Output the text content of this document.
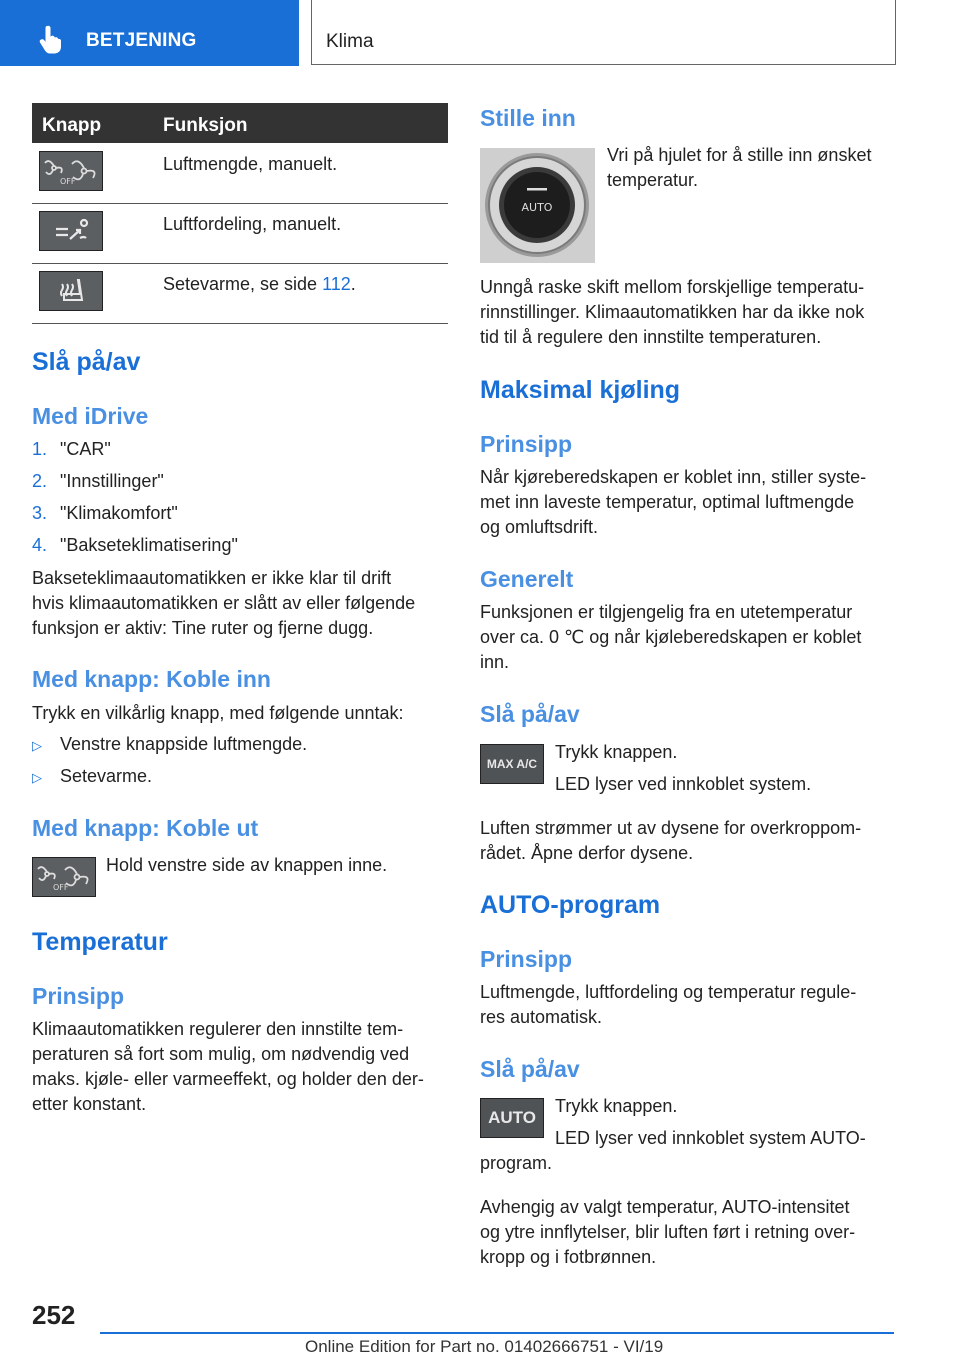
BETJENING	Klima
Knapp	Funksjon
OFF
Luftmengde, manuelt.
Luftfordeling, manuelt.
Setevarme, se side 112.
Slå på/av
Med iDrive
1. "CAR"
2. "Innstillinger"
3. "Klimakomfort"
4. "Bakseteklimatisering"
Bakseteklimaautomatikken er ikke klar til drift
hvis klimaautomatikken er slått av eller følgende
funksjon er aktiv: Tine ruter og fjerne dugg.
Med knapp: Koble inn
Trykk en vilkårlig knapp, med følgende unntak:
▷ Venstre knappside luftmengde.
▷ Setevarme.
Med knapp: Koble ut
OFF
Hold venstre side av knappen inne.
Temperatur
Prinsipp
Klimaautomatikken regulerer den innstilte tem-
peraturen så fort som mulig, om nødvendig ved
maks. kjøle- eller varmeeffekt, og holder den der-
etter konstant.
Stille inn
AUTO
Vri på hjulet for å stille inn ønsket
temperatur.
Unngå raske skift mellom forskjellige temperatu-
rinnstillinger. Klimaautomatikken har da ikke nok
tid til å regulere den innstilte temperaturen.
Maksimal kjøling
Prinsipp
Når kjøreberedskapen er koblet inn, stiller syste-
met inn laveste temperatur, optimal luftmengde
og omluftsdrift.
Generelt
Funksjonen er tilgjengelig fra en utetemperatur
over ca. 0 ℃ og når kjøleberedskapen er koblet
inn.
Slå på/av
MAX A/C
Trykk knappen.
LED lyser ved innkoblet system.
Luften strømmer ut av dysene for overkroppom-
rådet. Åpne derfor dysene.
AUTO-program
Prinsipp
Luftmengde, luftfordeling og temperatur regule-
res automatisk.
Slå på/av
AUTO
Trykk knappen.
LED lyser ved innkoblet system AUTO-
program.
Avhengig av valgt temperatur, AUTO-intensitet
og ytre innflytelser, blir luften ført i retning over-
kropp og i fotbrønnen.
252
Online Edition for Part no. 01402666751 - VI/19
